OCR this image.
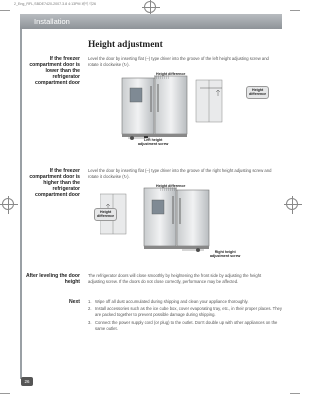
2_Eng_RFL,SBDE7420-2007.3.8 4:13PM 페이지26
Installation
Height adjustment
If the freezer compartment door is lower than the refrigerator compartment door
Level the door by inserting flat (–) type driver into the groove of the left height adjusting screw and rotate it clockwise (↻).
Height difference
Height
difference
Left height
adjustment screw
If the freezer compartment door is higher than the refrigerator compartment door
Level the door by inserting flat (–) type driver into the groove of the right height adjusting screw and rotate it clockwise (↻).
Height difference
Height
difference
Right height
adjustment screw
After leveling the door height
The refrigerator doors will close smoothly by heightening the front side by adjusting the height adjusting screw. If the doors do not close correctly, performance may be affected.
Next 1. Wipe off all dust accumulated during shipping and clean your appliance thoroughly.
2. Install accessories such as the ice cube box, cover evaporating tray, etc., in their proper places. They are packed together to prevent possible damage during shipping.
3. Connect the power supply cord (or plug) to the outlet. Don't double up with other appliances on the same outlet.
26
